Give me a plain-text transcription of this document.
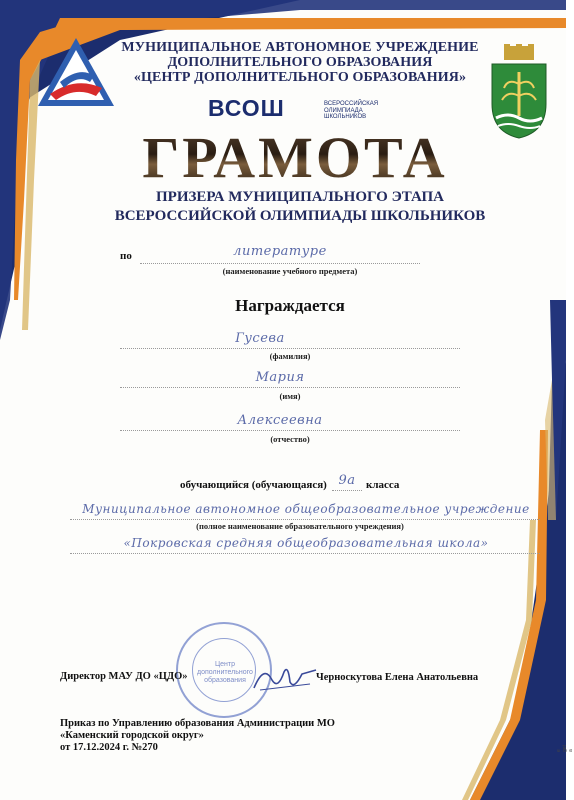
МУНИЦИПАЛЬНОЕ АВТОНОМНОЕ УЧРЕЖДЕНИЕ
ДОПОЛНИТЕЛЬНОГО ОБРАЗОВАНИЯ
«ЦЕНТР ДОПОЛНИТЕЛЬНОГО ОБРАЗОВАНИЯ»
ВСОШ	ВСЕРОССИЙСКАЯ
ОЛИМПИАДА
ШКОЛЬНИКОВ
ГРАМОТА
ПРИЗЕРА МУНИЦИПАЛЬНОГО ЭТАПА
ВСЕРОССИЙСКОЙ ОЛИМПИАДЫ ШКОЛЬНИКОВ
по	литературе
(наименование учебного предмета)
Награждается
Гусева
(фамилия)
Мария
(имя)
Алексеевна
(отчество)
обучающийся (обучающаяся) 9а класса
Муниципальное автономное общеобразовательное учреждение
(полное наименование образовательного учреждения)
«Покровская средняя общеобразовательная школа»
Центр
дополнительного
образования
Директор МАУ ДО «ЦДО»	Черноскутова Елена Анатольевна
Приказ по Управлению образования Администрации МО
«Каменский городской округ»
от 17.12.2024 г. №270	e get a
